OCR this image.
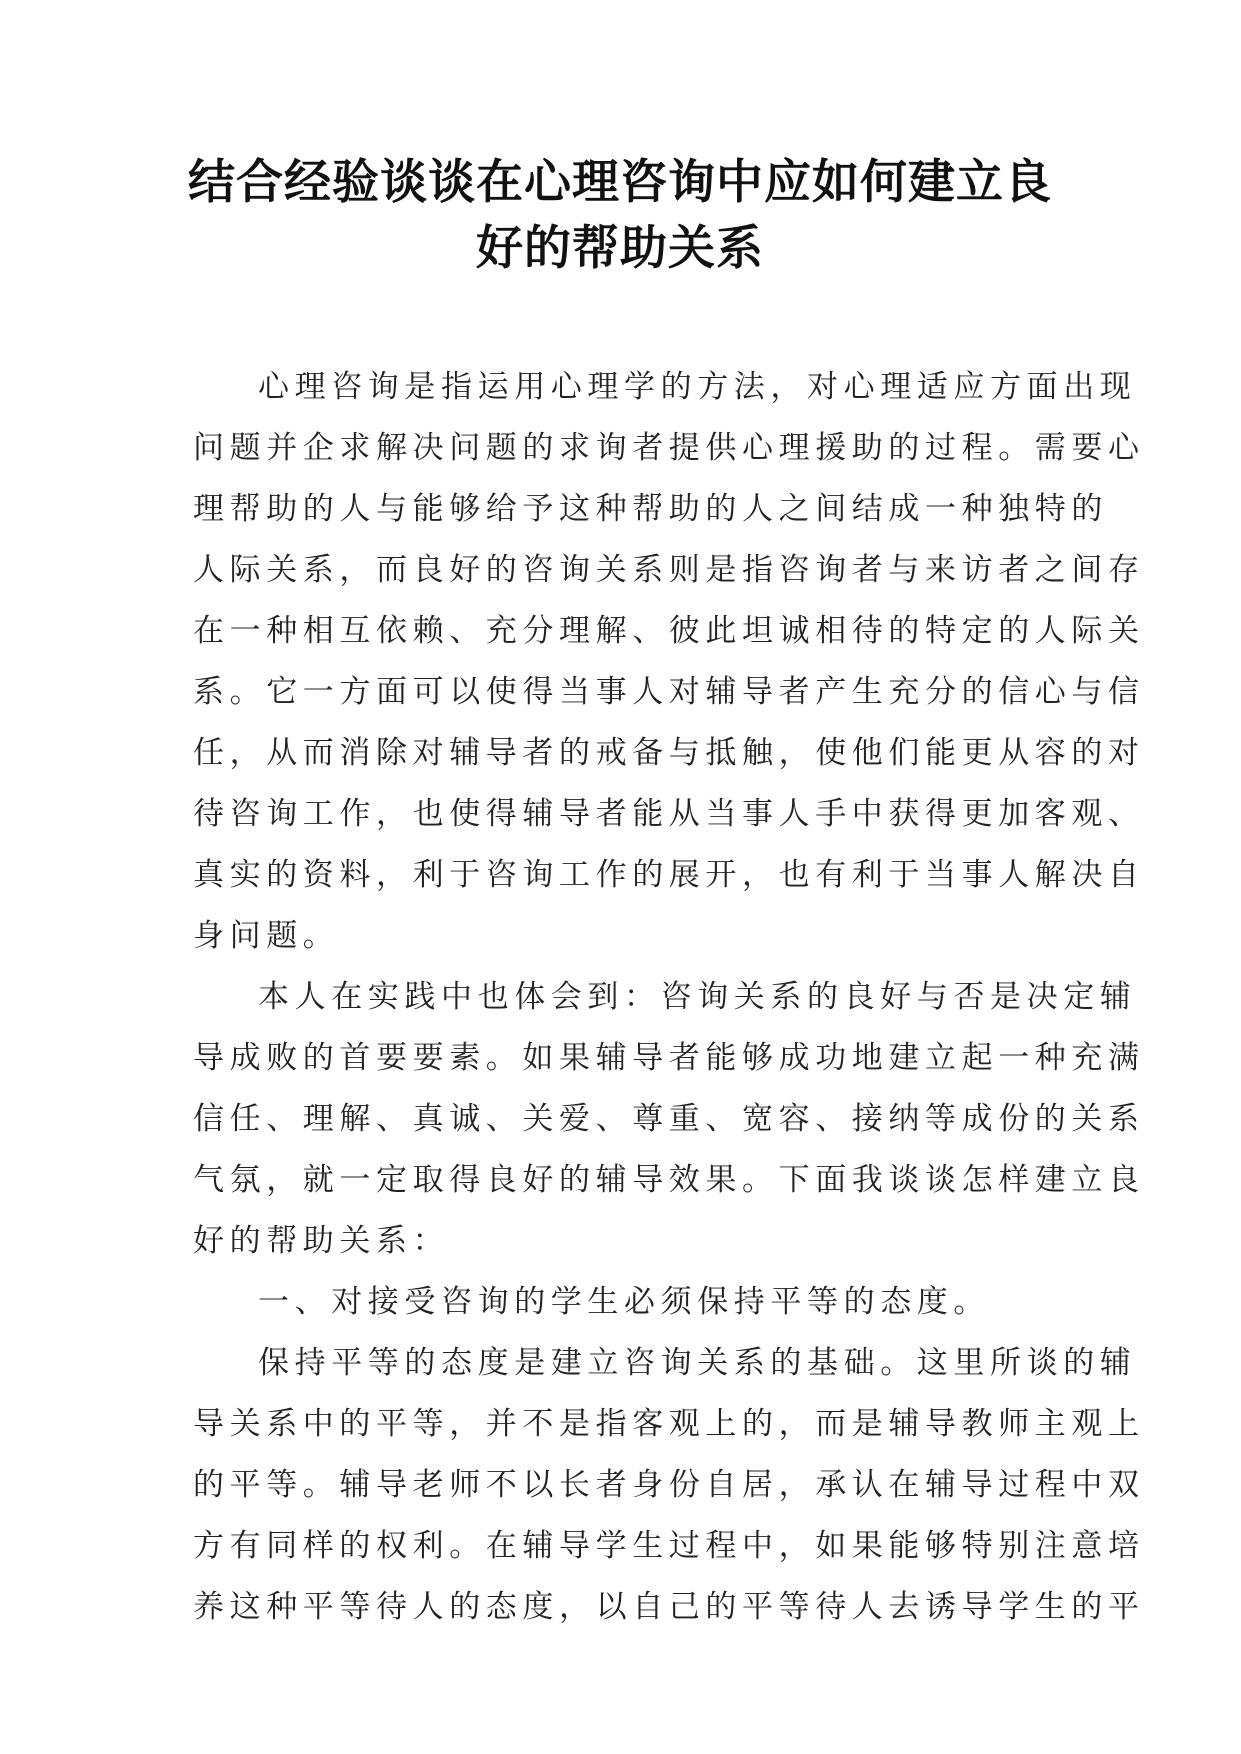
结合经验谈谈在心理咨询中应如何建立良
好的帮助关系
心理咨询是指运用心理学的方法，对心理适应方面出现
问题并企求解决问题的求询者提供心理援助的过程。需要心
理帮助的人与能够给予这种帮助的人之间结成一种独特的
人际关系，而良好的咨询关系则是指咨询者与来访者之间存
在一种相互依赖、充分理解、彼此坦诚相待的特定的人际关
系。它一方面可以使得当事人对辅导者产生充分的信心与信
任，从而消除对辅导者的戒备与抵触，使他们能更从容的对
待咨询工作，也使得辅导者能从当事人手中获得更加客观、
真实的资料，利于咨询工作的展开，也有利于当事人解决自
身问题。
本人在实践中也体会到：咨询关系的良好与否是决定辅
导成败的首要要素。如果辅导者能够成功地建立起一种充满
信任、理解、真诚、关爱、尊重、宽容、接纳等成份的关系
气氛，就一定取得良好的辅导效果。下面我谈谈怎样建立良
好的帮助关系：
一、对接受咨询的学生必须保持平等的态度。
保持平等的态度是建立咨询关系的基础。这里所谈的辅
导关系中的平等，并不是指客观上的，而是辅导教师主观上
的平等。辅导老师不以长者身份自居，承认在辅导过程中双
方有同样的权利。在辅导学生过程中，如果能够特别注意培
养这种平等待人的态度，以自己的平等待人去诱导学生的平
